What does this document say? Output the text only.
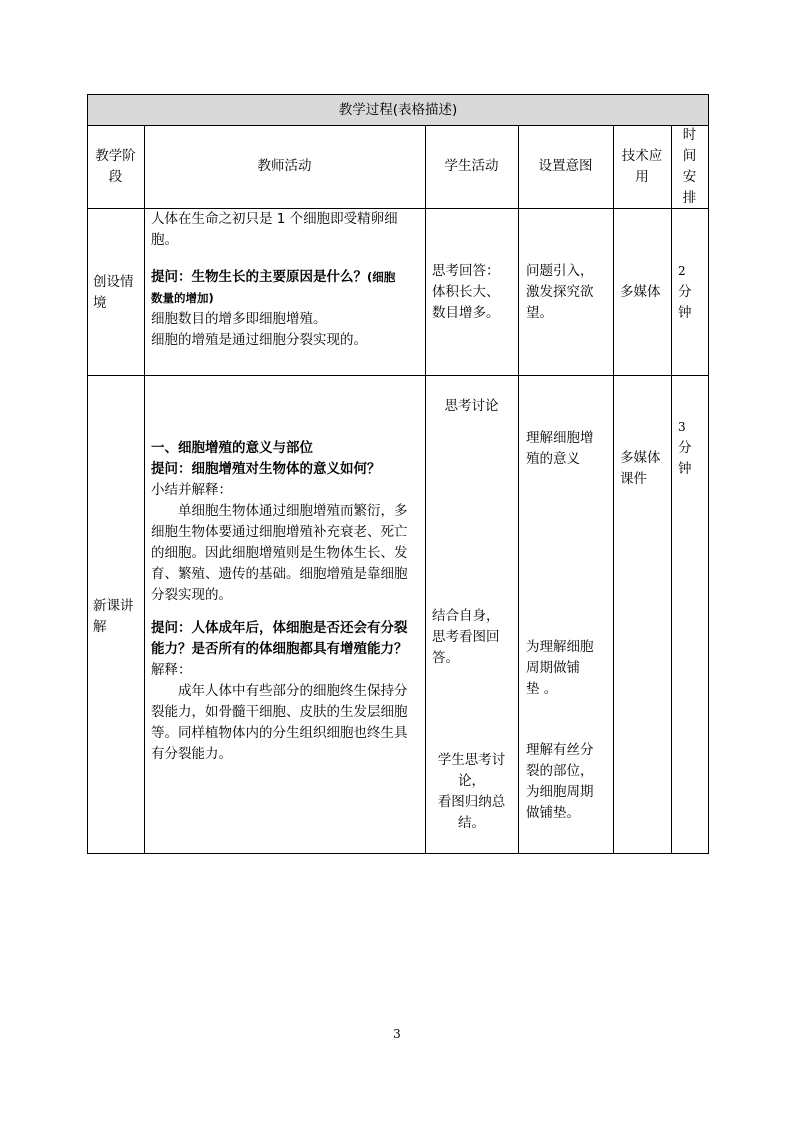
教学过程(表格描述)
教学阶
段
教师活动	学生活动	设置意图
技术应
用
时
间
安
排
创设情
境
人体在生命之初只是 1 个细胞即受精卵细
胞。
提问：生物生长的主要原因是什么？(细胞
数量的增加)
细胞数目的增多即细胞增殖。
细胞的增殖是通过细胞分裂实现的。
思考回答：
体积长大、
数目增多。
问题引入，
激发探究欲
望。
多媒体
2
分
钟
新课讲
解
一、细胞增殖的意义与部位
提问：细胞增殖对生物体的意义如何？
小结并解释：
单细胞生物体通过细胞增殖而繁衍，多
细胞生物体要通过细胞增殖补充衰老、死亡
的细胞。因此细胞增殖则是生物体生长、发
育、繁殖、遗传的基础。细胞增殖是靠细胞
分裂实现的。
提问：人体成年后，体细胞是否还会有分裂
能力？是否所有的体细胞都具有增殖能力？
解释：
成年人体中有些部分的细胞终生保持分
裂能力，如骨髓干细胞、皮肤的生发层细胞
等。同样植物体内的分生组织细胞也终生具
有分裂能力。
思考讨论
结合自身，
思考看图回
答。
学生思考讨
论，
看图归纳总
结。
理解细胞增
殖的意义
为理解细胞
周期做铺
垫 。
理解有丝分
裂的部位，
为细胞周期
做铺垫。
多媒体
课件
3
分
钟
3
